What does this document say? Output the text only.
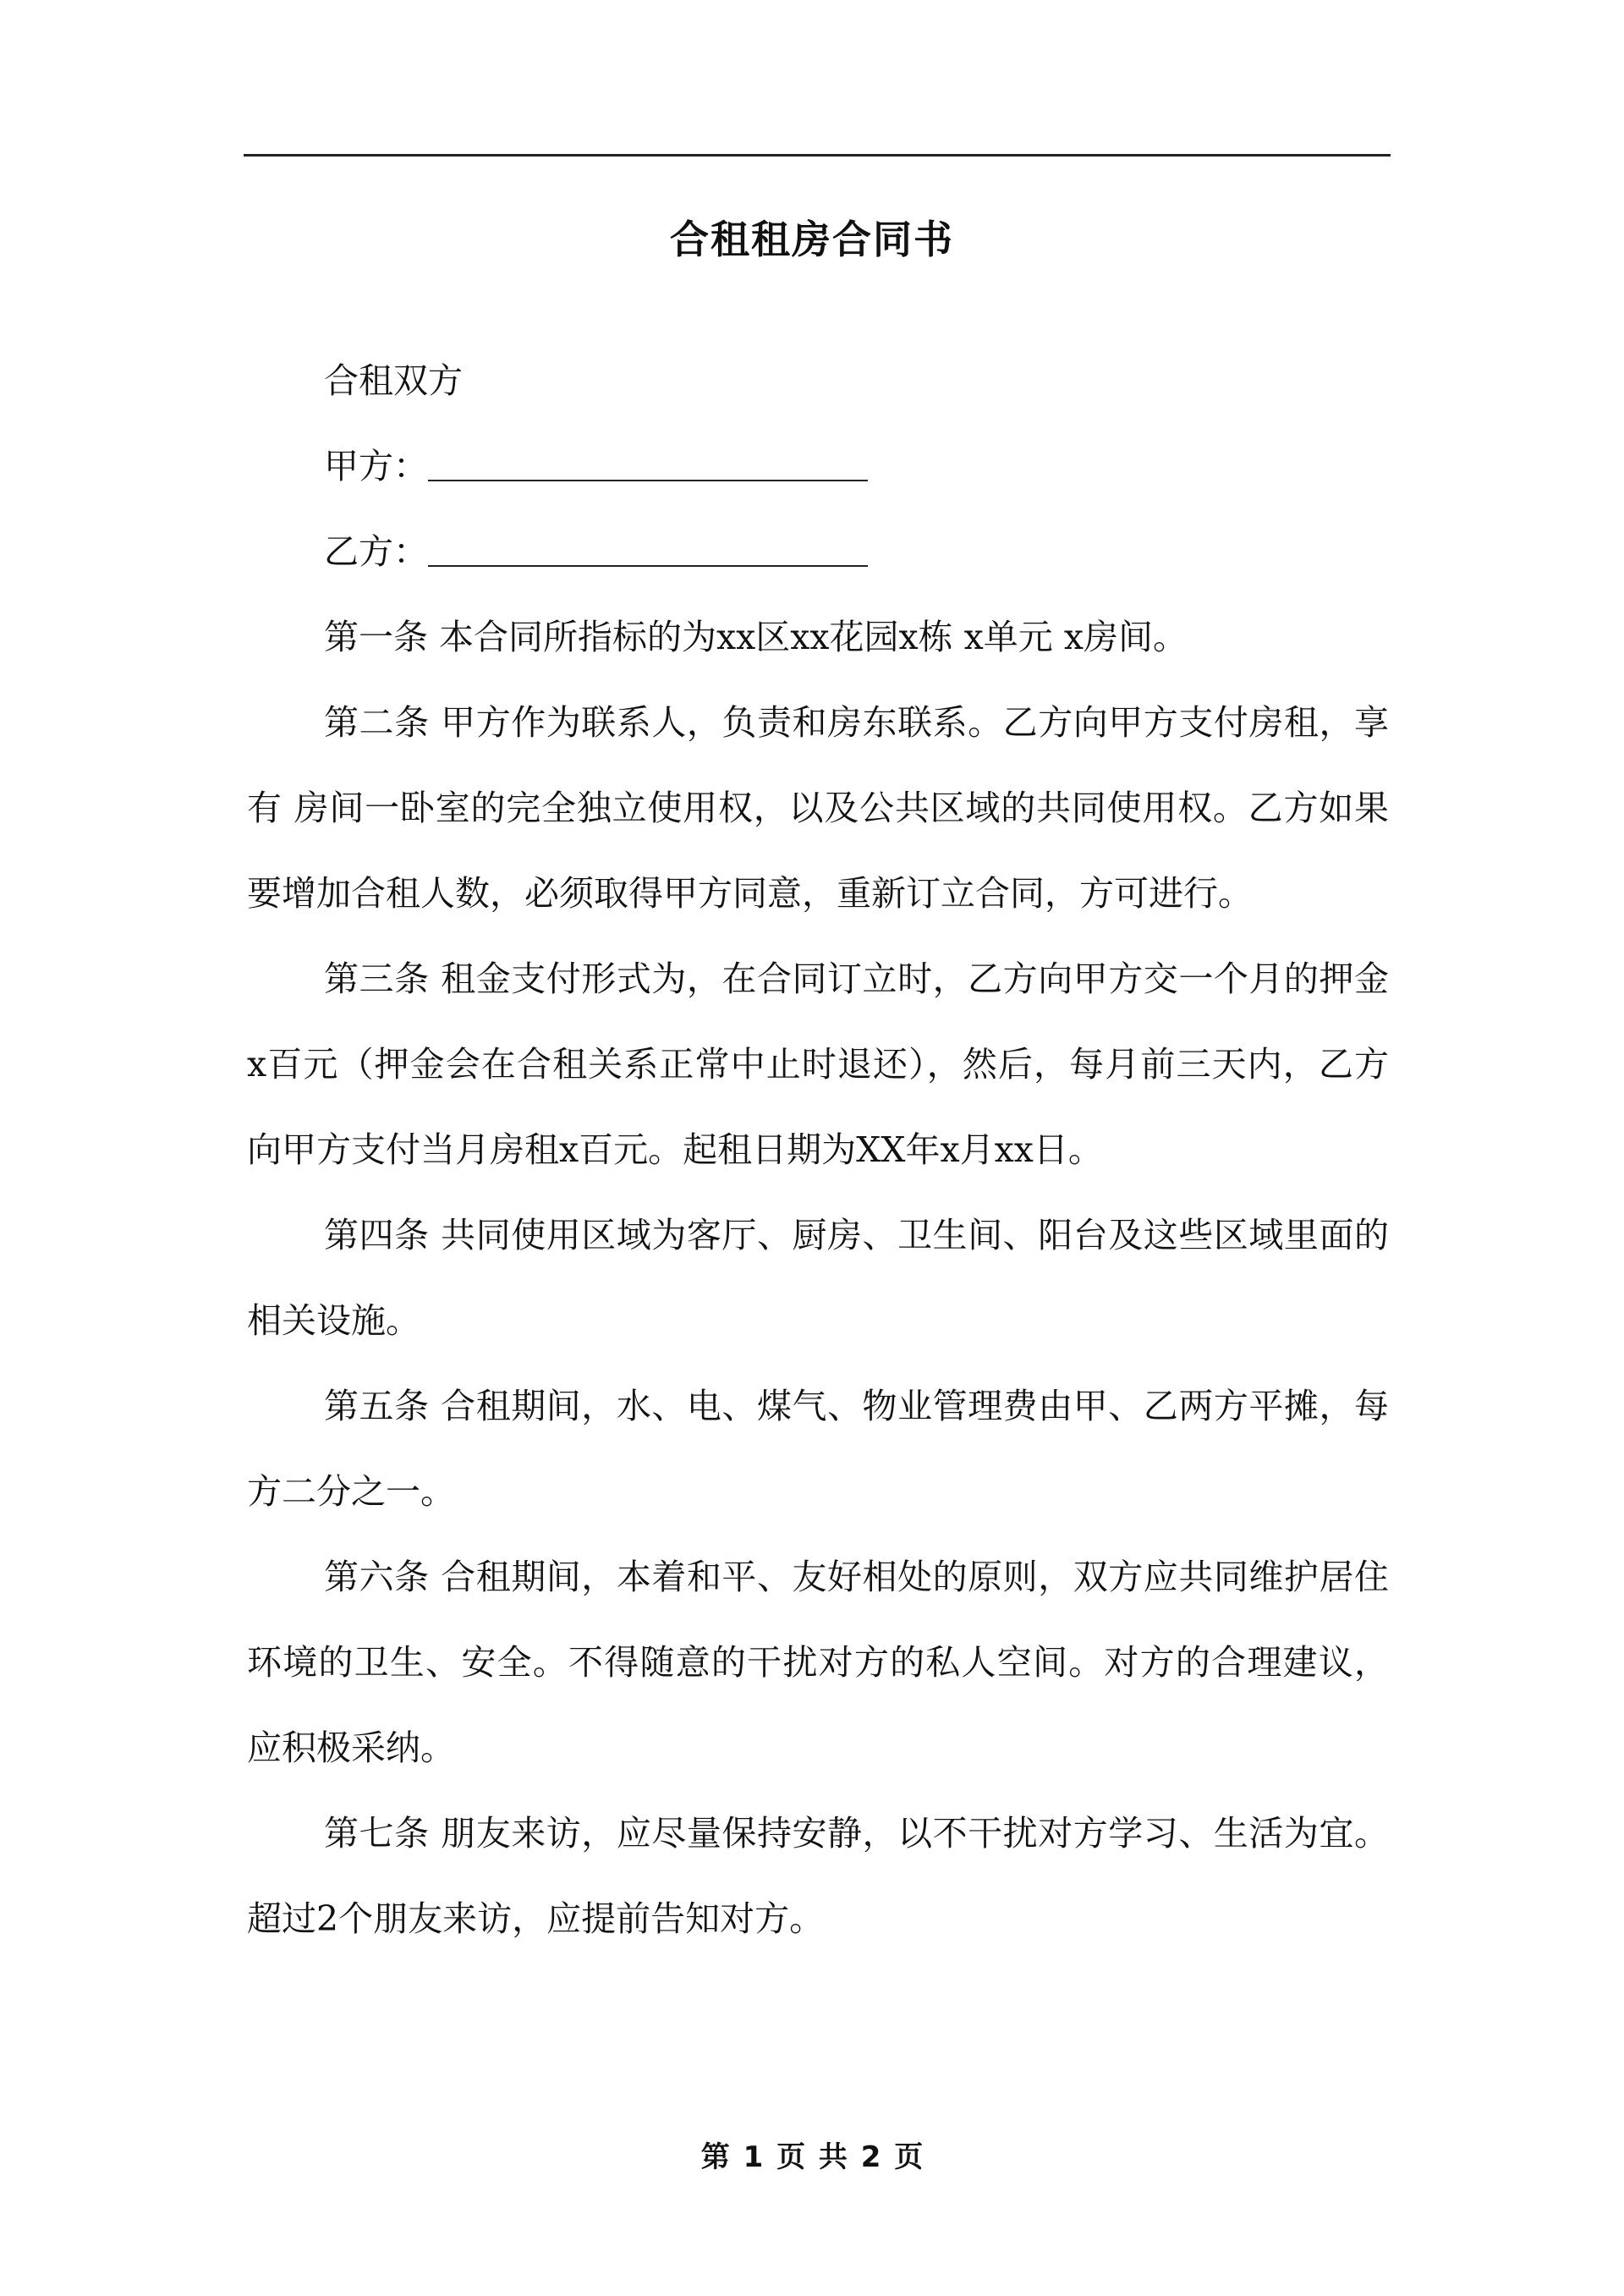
合租租房合同书

合租双方

甲方：

乙方：

第一条 本合同所指标的为xx区xx花园x栋 x单元 x房间。

第二条 甲方作为联系人，负责和房东联系。乙方向甲方支付房租，享有 房间一卧室的完全独立使用权，以及公共区域的共同使用权。乙方如果要增加合租人数，必须取得甲方同意，重新订立合同，方可进行。

第三条 租金支付形式为，在合同订立时，乙方向甲方交一个月的押金x百元（押金会在合租关系正常中止时退还），然后，每月前三天内，乙方向甲方支付当月房租x百元。起租日期为XX年x月xx日。

第四条 共同使用区域为客厅、厨房、卫生间、阳台及这些区域里面的相关设施。

第五条 合租期间，水、电、煤气、物业管理费由甲、乙两方平摊，每方二分之一。

第六条 合租期间，本着和平、友好相处的原则，双方应共同维护居住环境的卫生、安全。不得随意的干扰对方的私人空间。对方的合理建议，应积极采纳。

第七条 朋友来访，应尽量保持安静，以不干扰对方学习、生活为宜。超过2个朋友来访，应提前告知对方。

第 1 页 共 2 页
